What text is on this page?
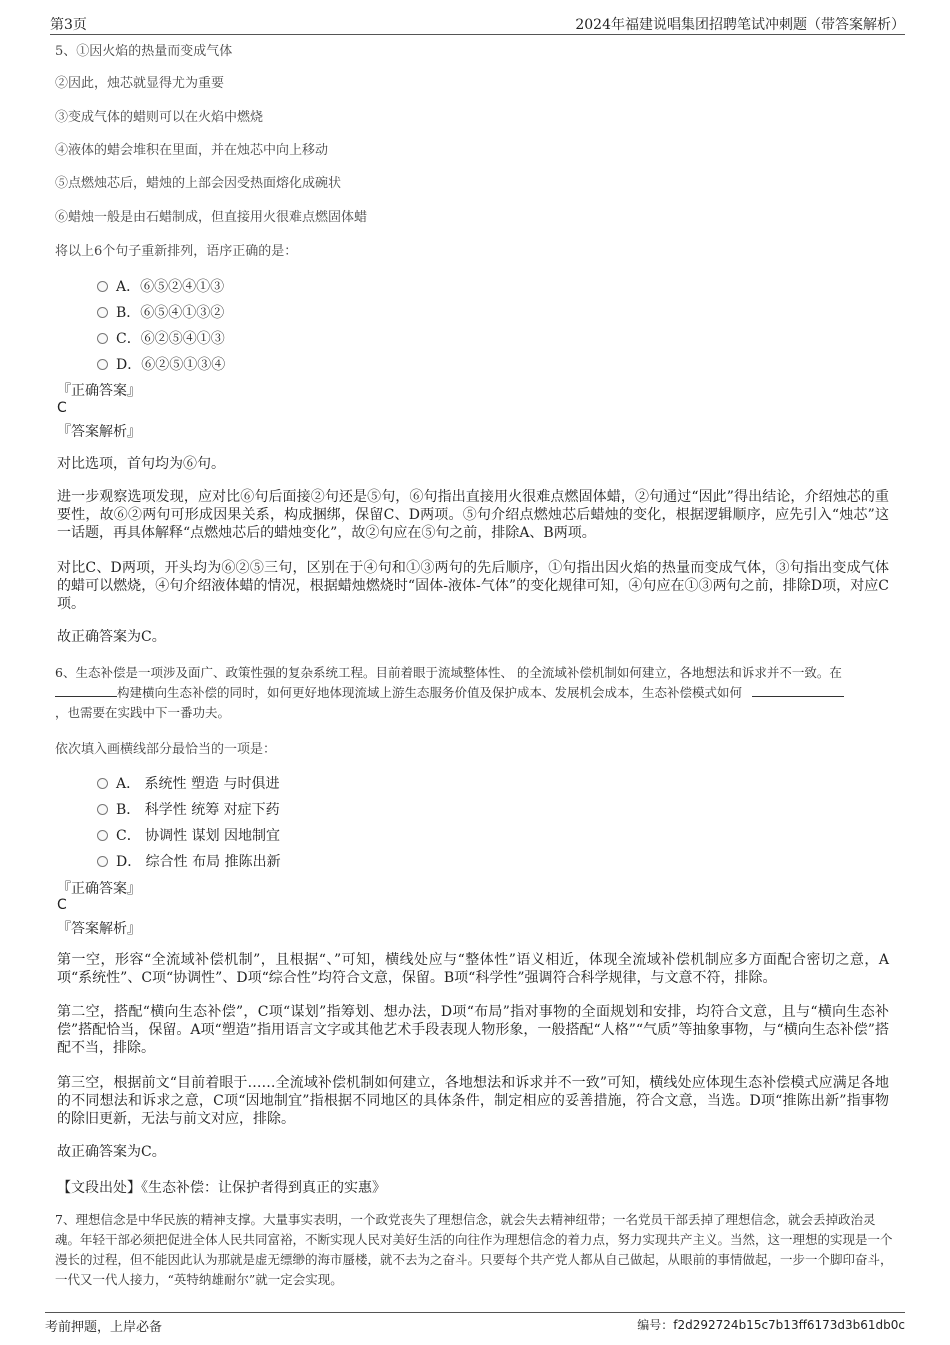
第3页	2024年福建说唱集团招聘笔试冲刺题（带答案解析）
5、①因火焰的热量而变成气体
②因此，烛芯就显得尤为重要
③变成气体的蜡则可以在火焰中燃烧
④液体的蜡会堆积在里面，并在烛芯中向上移动
⑤点燃烛芯后，蜡烛的上部会因受热面熔化成碗状
⑥蜡烛一般是由石蜡制成，但直接用火很难点燃固体蜡
将以上6个句子重新排列，语序正确的是：
A．⑥⑤②④①③
B．⑥⑤④①③②
C．⑥②⑤④①③
D．⑥②⑤①③④
『正确答案』
C
『答案解析』
对比选项，首句均为⑥句。
进一步观察选项发现，应对比⑥句后面接②句还是⑤句，⑥句指出直接用火很难点燃固体蜡，②句通过“因此”得出结论，介绍烛芯的重要性，故⑥②两句可形成因果关系，构成捆绑，保留C、D两项。⑤句介绍点燃烛芯后蜡烛的变化，根据逻辑顺序，应先引入“烛芯”这一话题，再具体解释“点燃烛芯后的蜡烛变化”，故②句应在⑤句之前，排除A、B两项。
对比C、D两项，开头均为⑥②⑤三句，区别在于④句和①③两句的先后顺序，①句指出因火焰的热量而变成气体，③句指出变成气体的蜡可以燃烧，④句介绍液体蜡的情况，根据蜡烛燃烧时“固体-液体-气体”的变化规律可知，④句应在①③两句之前，排除D项，对应C项。
故正确答案为C。
6、生态补偿是一项涉及面广、政策性强的复杂系统工程。目前着眼于流域整体性、 的全流域补偿机制如何建立，各地想法和诉求并不一致。在
构建横向生态补偿的同时，如何更好地体现流域上游生态服务价值及保护成本、发展机会成本，生态补偿模式如何
，也需要在实践中下一番功夫。
依次填入画横线部分最恰当的一项是：
A． 系统性 塑造 与时俱进
B． 科学性 统筹 对症下药
C． 协调性 谋划 因地制宜
D． 综合性 布局 推陈出新
『正确答案』
C
『答案解析』
第一空，形容“全流域补偿机制”，且根据“、”可知，横线处应与“整体性”语义相近，体现全流域补偿机制应多方面配合密切之意，A项“系统性”、C项“协调性”、D项“综合性”均符合文意，保留。B项“科学性”强调符合科学规律，与文意不符，排除。
第二空，搭配“横向生态补偿”，C项“谋划”指筹划、想办法，D项“布局”指对事物的全面规划和安排，均符合文意，且与“横向生态补偿”搭配恰当，保留。A项“塑造”指用语言文字或其他艺术手段表现人物形象，一般搭配“人格”“气质”等抽象事物，与“横向生态补偿”搭配不当，排除。
第三空，根据前文“目前着眼于……全流域补偿机制如何建立，各地想法和诉求并不一致”可知，横线处应体现生态补偿模式应满足各地的不同想法和诉求之意，C项“因地制宜”指根据不同地区的具体条件，制定相应的妥善措施，符合文意，当选。D项“推陈出新”指事物的除旧更新，无法与前文对应，排除。
故正确答案为C。
【文段出处】《生态补偿：让保护者得到真正的实惠》
7、理想信念是中华民族的精神支撑。大量事实表明，一个政党丧失了理想信念，就会失去精神纽带；一名党员干部丢掉了理想信念，就会丢掉政治灵魂。年轻干部必须把促进全体人民共同富裕，不断实现人民对美好生活的向往作为理想信念的着力点，努力实现共产主义。当然，这一理想的实现是一个漫长的过程，但不能因此认为那就是虚无缥缈的海市蜃楼，就不去为之奋斗。只要每个共产党人都从自己做起，从眼前的事情做起，一步一个脚印奋斗，一代又一代人接力，“英特纳雄耐尔”就一定会实现。
考前押题，上岸必备	编号：f2d292724b15c7b13ff6173d3b61db0c
